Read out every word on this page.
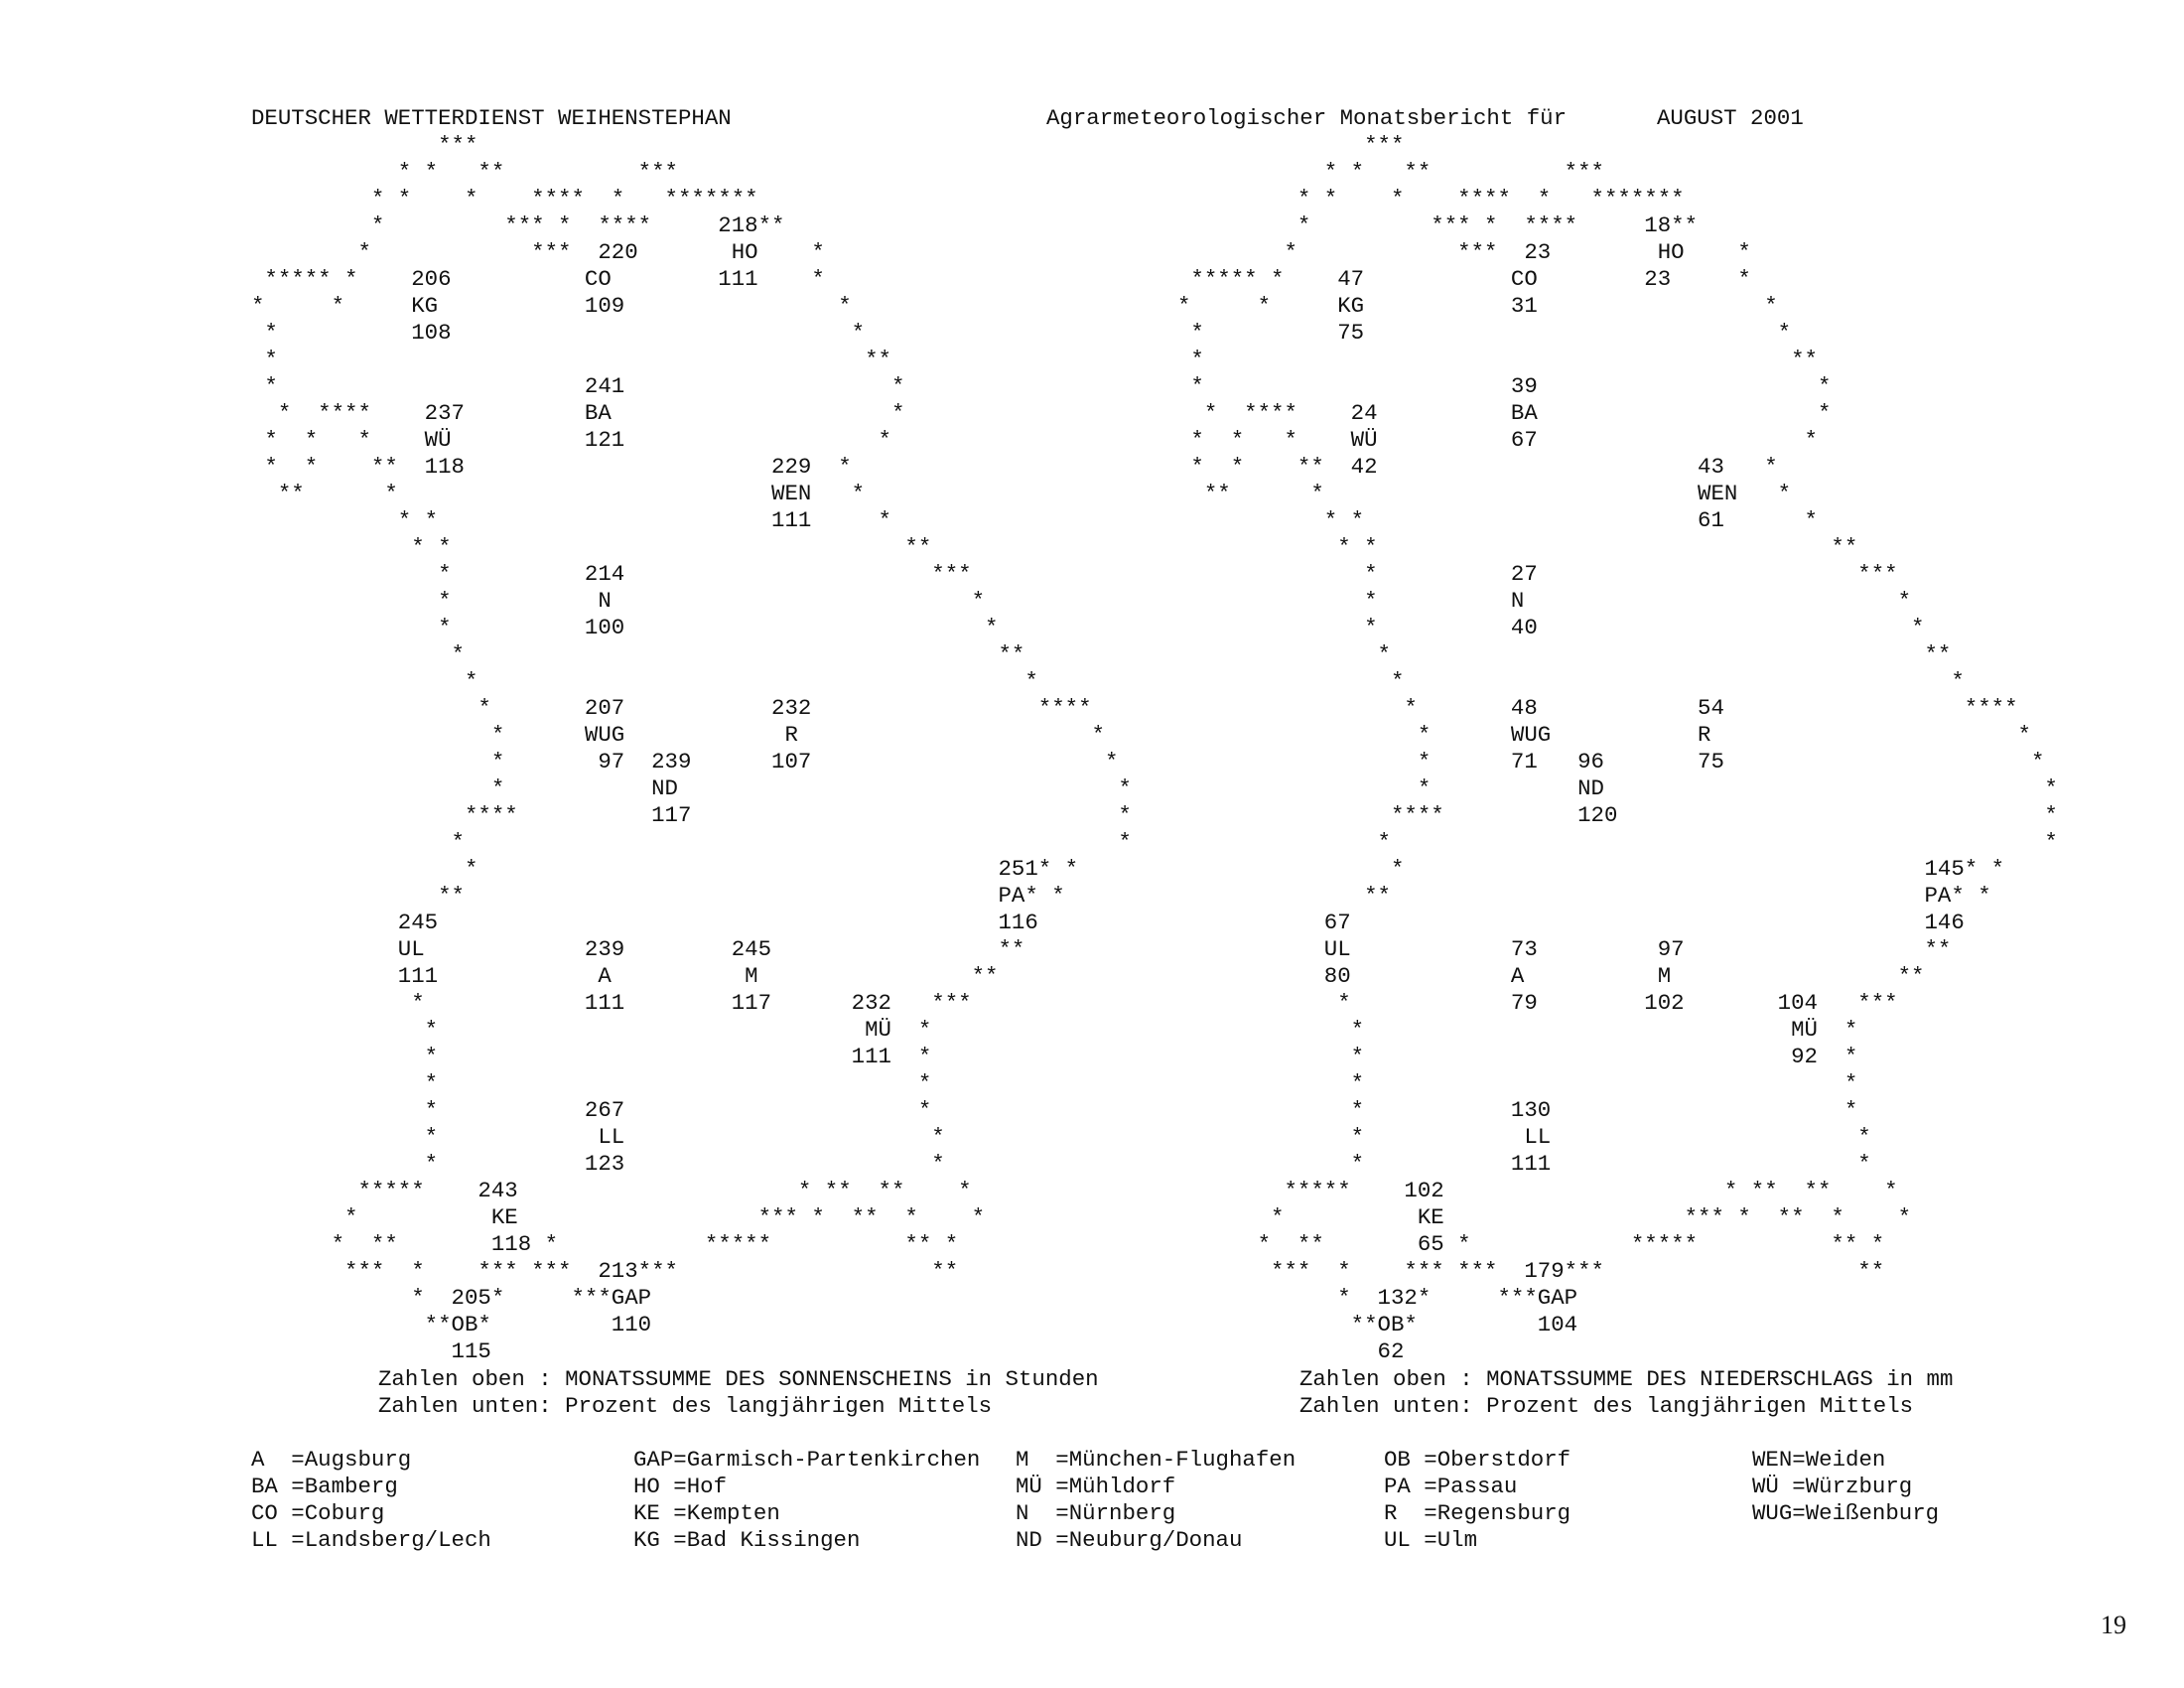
DEUTSCHER WETTERDIENST WEIHENSTEPHAN	Agrarmeteorologischer Monatsbericht für	AUGUST 2001
***
* *   **          ***
* *    *    ****  *   *******
*         *** *  ****     218**
*            ***  220       HO    *
***** *    206          CO        111    *
*     *     KG           109                *
*          108                              *
*                                            **
*                       241                    *
*  ****    237         BA                     *
*  *   *    WÜ          121                   *
*  *    **  118                       229  *
**      *                            WEN   *
* *                         111     *
* *                                  **
*          214                       ***
*           N                           *
*          100                           *
*                                        **
*                                         *
*       207           232                 ****
*      WUG            R                      *
*       97  239      107                      *
*           ND                                 *
****          117                                *
*                                                 *
*                                       251* *
**                                        PA* *
245                                          116
UL            239        245                 **
111            A          M                **
*            111        117      232   ***
*                                MÜ  *
*                               111  *
*                                    *
*           267                      *
*            LL                       *
*           123                       *
*****    243                     * **  **    *
*          KE                  *** *  **  *    *
*  **       118 *           *****          ** *
***  *    *** ***  213***                   **
*  205*     ***GAP
**OB*         110
115
***
* *   **          ***
* *    *    ****  *   *******
*         *** *  ****     18**
*            ***  23        HO    *
***** *    47           CO        23     *
*     *     KG           31                 *
*          75                               *
*                                            **
*                       39                     *
*  ****    24          BA                     *
*  *   *    WÜ          67                    *
*  *    **  42                        43   *
**      *                            WEN   *
* *                         61      *
* *                                  **
*          27                        ***
*          N                            *
*          40                            *
*                                        **
*                                         *
*       48            54                  ****
*      WUG           R                       *
*      71   96       75                       *
*           ND                                 *
****          120                                *
*                                                 *
*                                       145* *
**                                        PA* *
67                                           146
UL            73         97                  **
80            A          M                 **
*            79        102       104   ***
*                                MÜ  *
*                                92  *
*                                    *
*           130                      *
*            LL                       *
*           111                       *
*****    102                     * **  **    *
*          KE                  *** *  **  *    *
*  **       65 *            *****          ** *
***  *    *** ***  179***                   **
*  132*     ***GAP
**OB*         104
62
Zahlen oben : MONATSSUMME DES SONNENSCHEINS in Stunden
Zahlen unten: Prozent des langjährigen Mittels
Zahlen oben : MONATSSUMME DES NIEDERSCHLAGS in mm
Zahlen unten: Prozent des langjährigen Mittels
A  =Augsburg	GAP=Garmisch-Partenkirchen M  =München-Flughafen	OB =Oberstdorf	WEN=Weiden
BA =Bamberg	HO =Hof	MÜ =Mühldorf	PA =Passau	WÜ =Würzburg
CO =Coburg	KE =Kempten	N  =Nürnberg	R  =Regensburg	WUG=Weißenburg
LL =Landsberg/Lech	KG =Bad Kissingen	ND =Neuburg/Donau	UL =Ulm
19
